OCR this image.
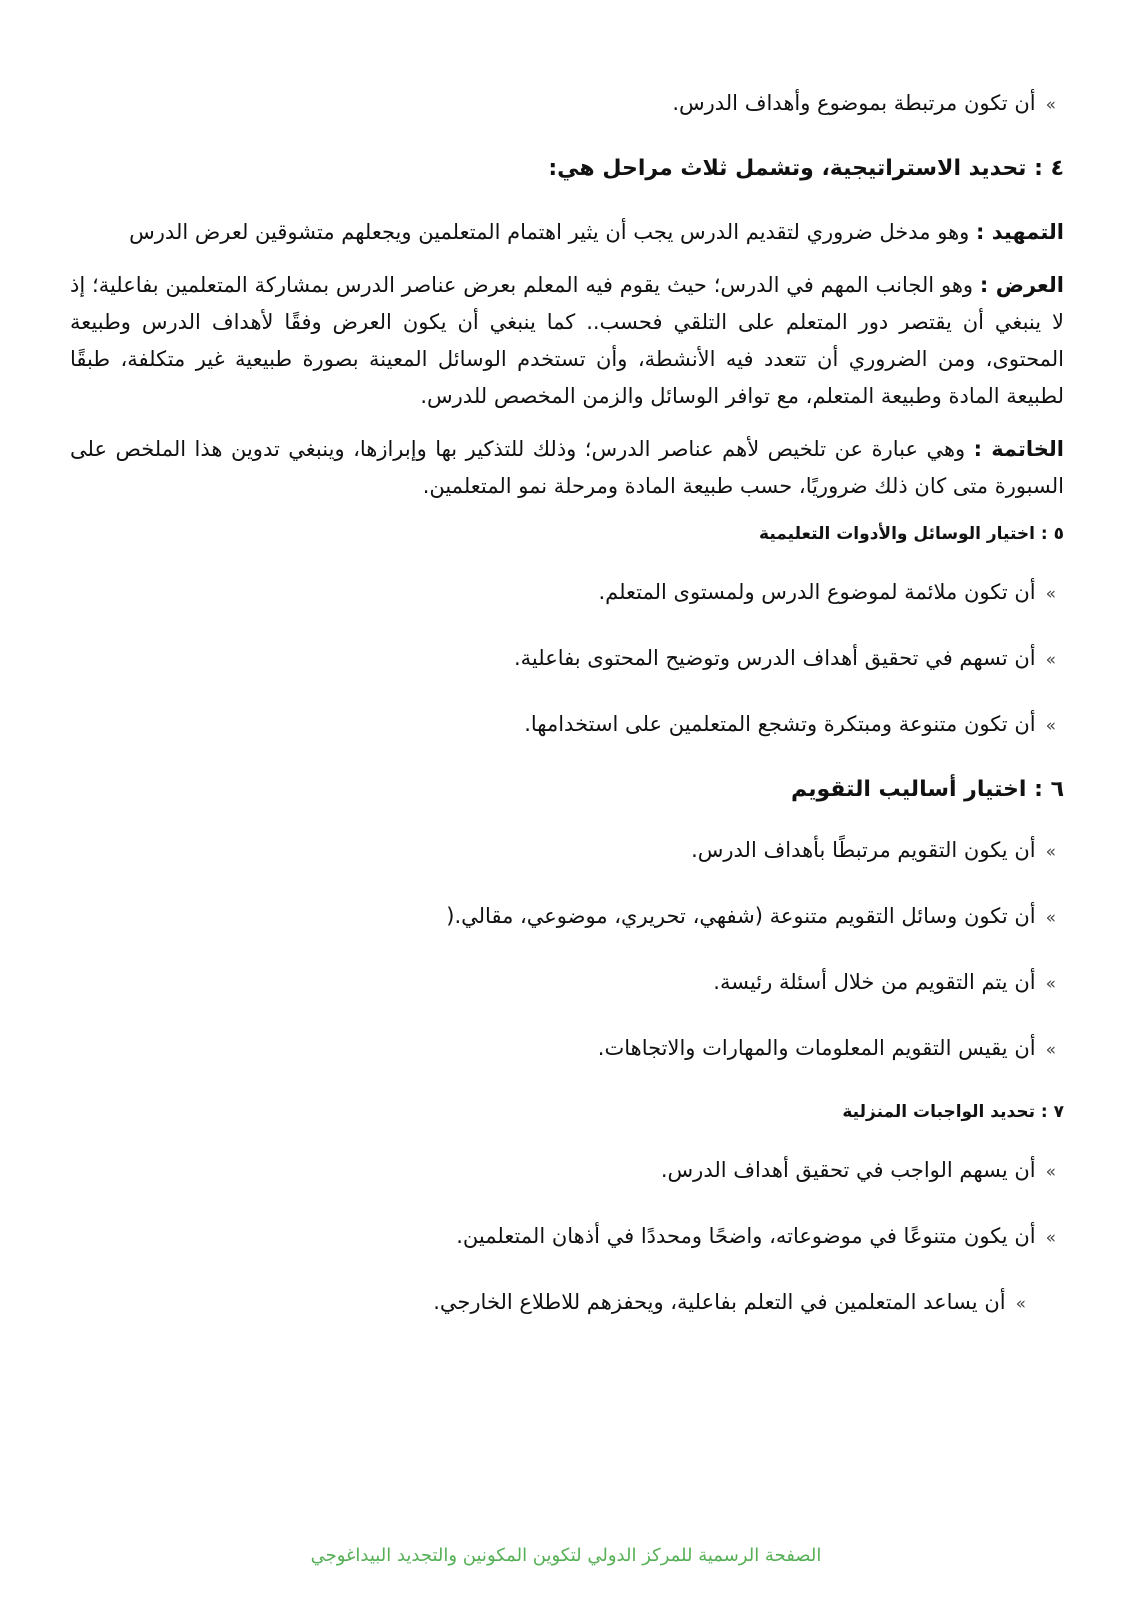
»أن تكون مرتبطة بموضوع وأهداف الدرس.

٤ : تحديد الاستراتيجية، وتشمل ثلاث مراحل هي:

التمهيد : وهو مدخل ضروري لتقديم الدرس يجب أن يثير اهتمام المتعلمين ويجعلهم متشوقين لعرض الدرس

العرض : وهو الجانب المهم في الدرس؛ حيث يقوم فيه المعلم بعرض عناصر الدرس بمشاركة المتعلمين بفاعلية؛ إذ لا ينبغي أن يقتصر دور المتعلم على التلقي فحسب.. كما ينبغي أن يكون العرض وفقًا لأهداف الدرس وطبيعة المحتوى، ومن الضروري أن تتعدد فيه الأنشطة، وأن تستخدم الوسائل المعينة بصورة طبيعية غير متكلفة، طبقًا لطبيعة المادة وطبيعة المتعلم، مع توافر الوسائل والزمن المخصص للدرس.

الخاتمة : وهي عبارة عن تلخيص لأهم عناصر الدرس؛ وذلك للتذكير بها وإبرازها، وينبغي تدوين هذا الملخص على السبورة متى كان ذلك ضروريًا، حسب طبيعة المادة ومرحلة نمو المتعلمين.

٥ : اختيار الوسائل والأدوات التعليمية

»أن تكون ملائمة لموضوع الدرس ولمستوى المتعلم.

»أن تسهم في تحقيق أهداف الدرس وتوضيح المحتوى بفاعلية.

»أن تكون متنوعة ومبتكرة وتشجع المتعلمين على استخدامها.

٦ : اختيار أساليب التقويم

»أن يكون التقويم مرتبطًا بأهداف الدرس.

»أن تكون وسائل التقويم متنوعة (شفهي، تحريري، موضوعي، مقالي.(

»أن يتم التقويم من خلال أسئلة رئيسة.

»أن يقيس التقويم المعلومات والمهارات والاتجاهات.

٧ : تحديد الواجبات المنزلية

»أن يسهم الواجب في تحقيق أهداف الدرس.

»أن يكون متنوعًا في موضوعاته، واضحًا ومحددًا في أذهان المتعلمين.

»أن يساعد المتعلمين في التعلم بفاعلية، ويحفزهم للاطلاع الخارجي.

الصفحة الرسمية للمركز الدولي لتكوين المكونين والتجديد البيداغوجي
